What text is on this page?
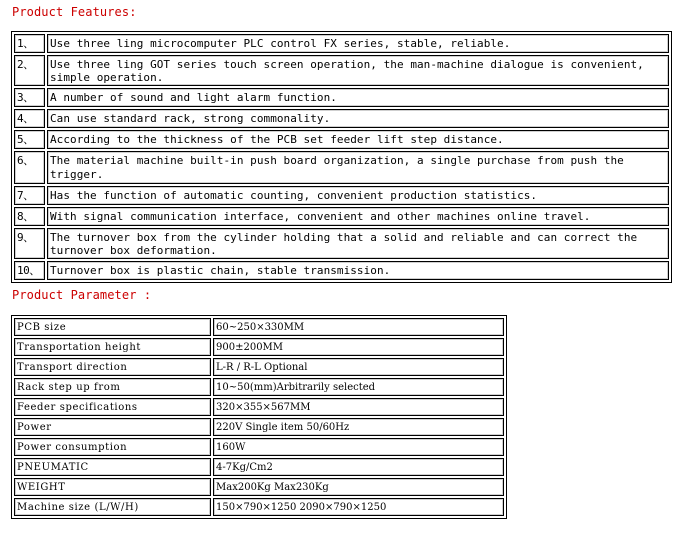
Product Features:
1、	Use three ling microcomputer PLC control FX series, stable, reliable.
2、	Use three ling GOT series touch screen operation, the man-machine dialogue is convenient, simple operation.
3、	A number of sound and light alarm function.
4、	Can use standard rack, strong commonality.
5、	According to the thickness of the PCB set feeder lift step distance.
6、	The material machine built-in push board organization, a single purchase from push the trigger.
7、	Has the function of automatic counting, convenient production statistics.
8、	With signal communication interface, convenient and other machines online travel.
9、	The turnover box from the cylinder holding that a solid and reliable and can correct the turnover box deformation.
10、 Turnover box is plastic chain, stable transmission.
Product Parameter :
PCB size	60~250×330MM
Transportation height	900±200MM
Transport direction	L-R / R-L Optional
Rack step up from	10~50(mm)Arbitrarily selected
Feeder specifications	320×355×567MM
Power	220V Single item 50/60Hz
Power consumption	160W
PNEUMATIC	4-7Kg/Cm2
WEIGHT	Max200Kg Max230Kg
Machine size (L/W/H)	150×790×1250 2090×790×1250
